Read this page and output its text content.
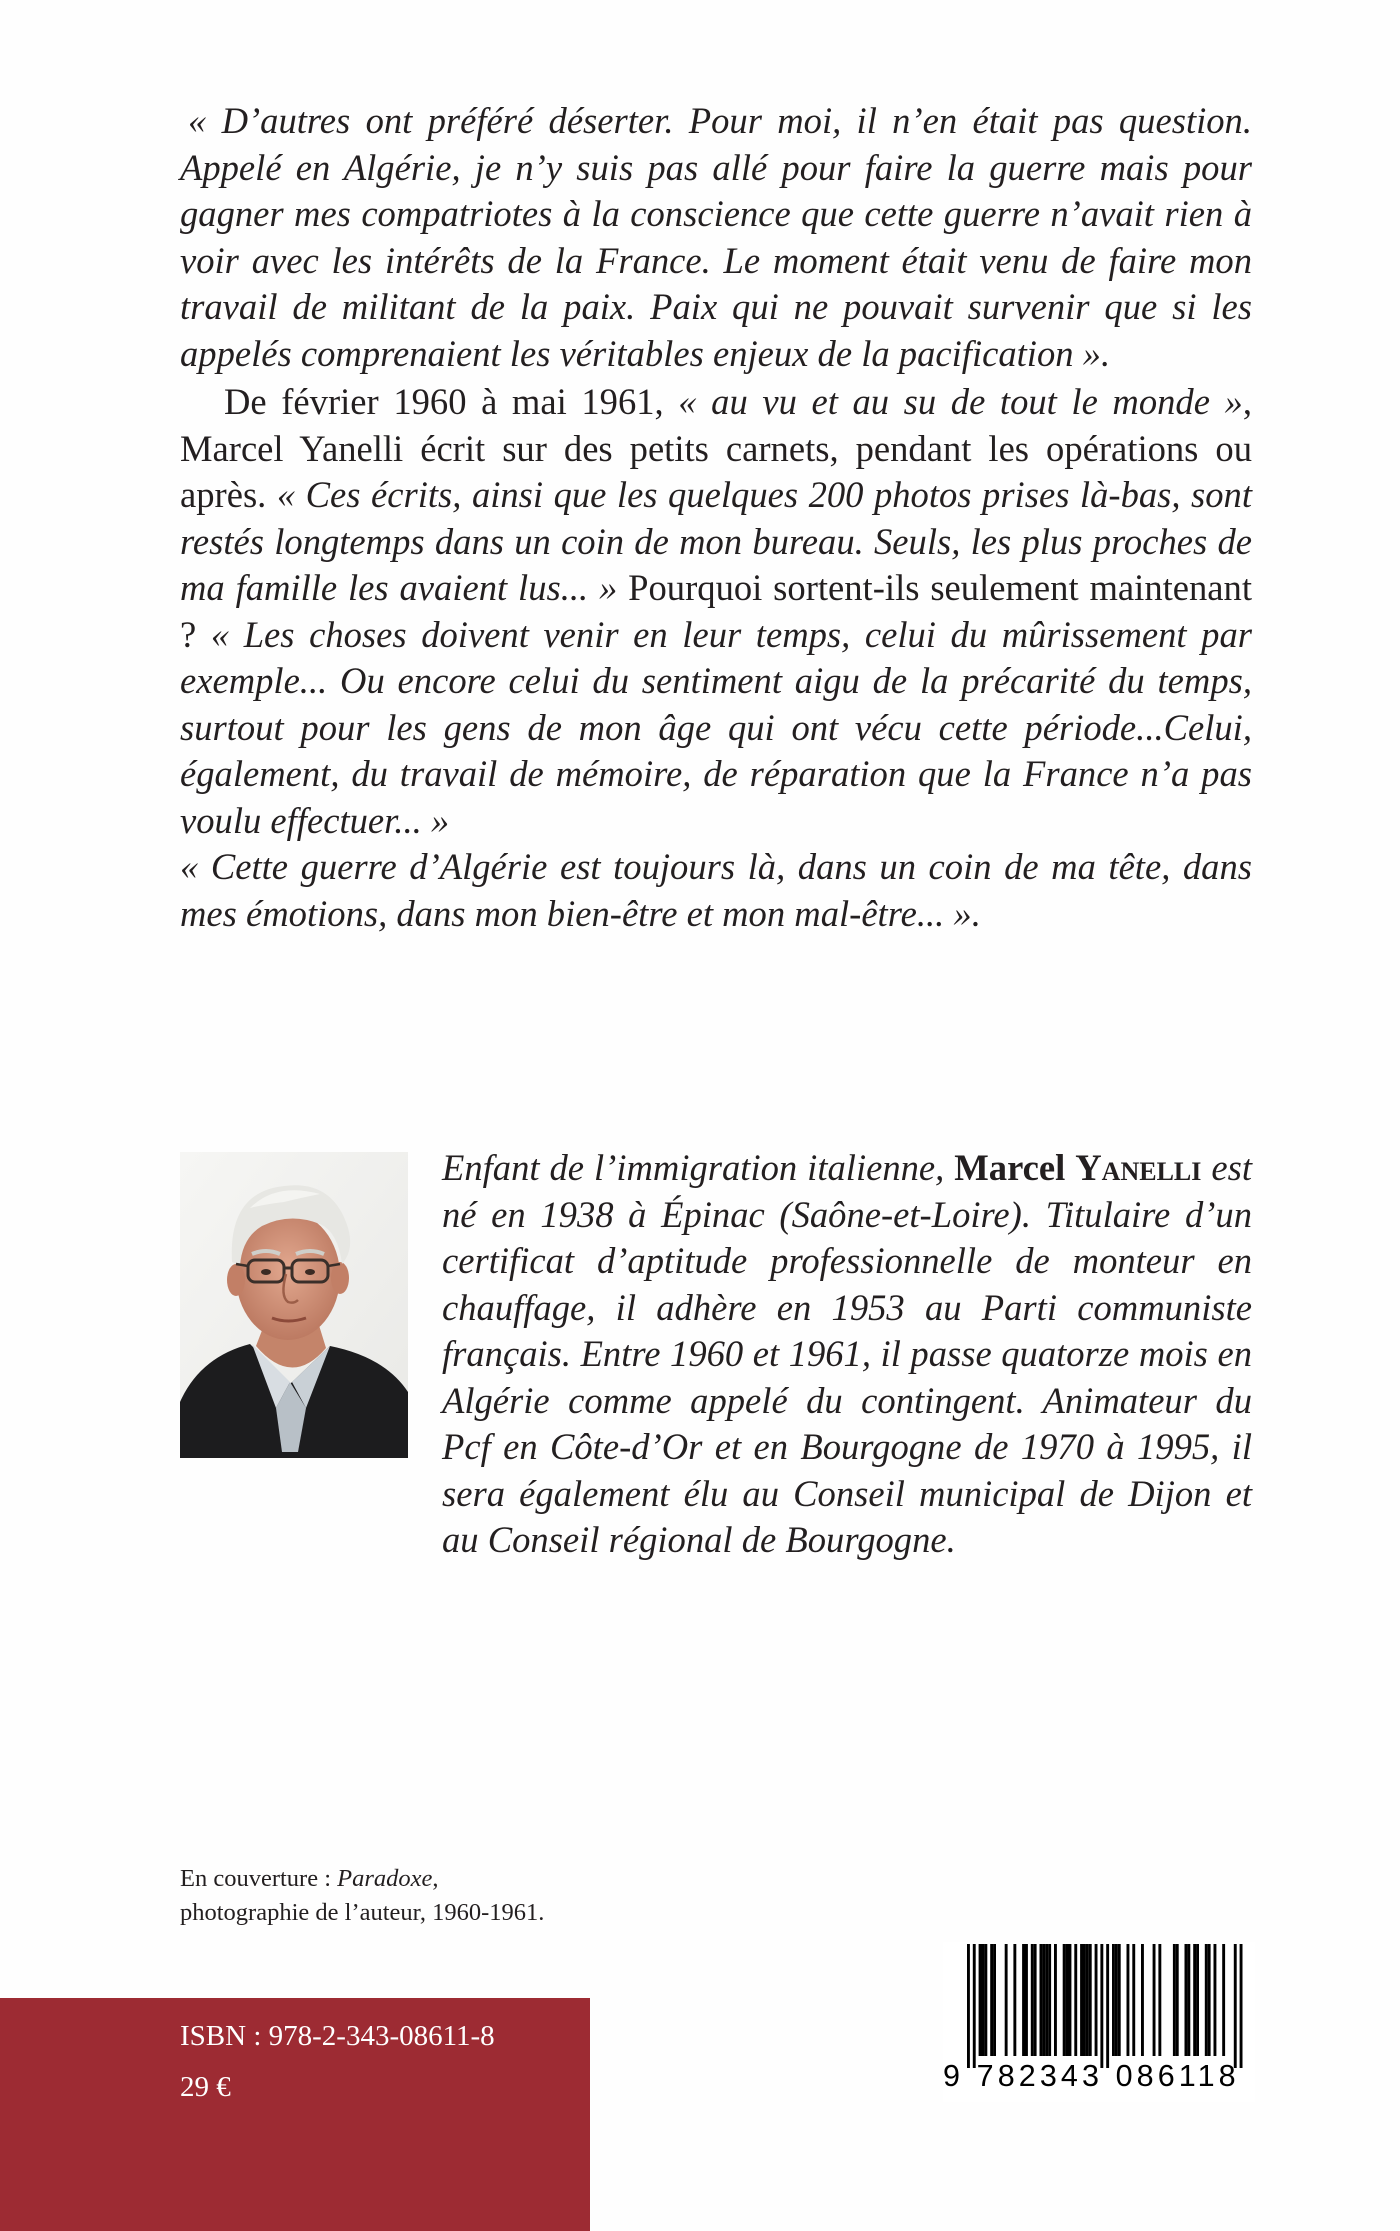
« D’autres ont préféré déserter. Pour moi, il n’en était pas question. Appelé en Algérie, je n’y suis pas allé pour faire la guerre mais pour gagner mes compatriotes à la conscience que cette guerre n’avait rien à voir avec les intérêts de la France. Le moment était venu de faire mon travail de militant de la paix. Paix qui ne pouvait survenir que si les appelés comprenaient les véritables enjeux de la pacification ».

De février 1960 à mai 1961, « au vu et au su de tout le monde », Marcel Yanelli écrit sur des petits carnets, pendant les opérations ou après. « Ces écrits, ainsi que les quelques 200 photos prises là-bas, sont restés longtemps dans un coin de mon bureau. Seuls, les plus proches de ma famille les avaient lus... » Pourquoi sortent-ils seulement maintenant ? « Les choses doivent venir en leur temps, celui du mûrissement par exemple... Ou encore celui du sentiment aigu de la précarité du temps, surtout pour les gens de mon âge qui ont vécu cette période...Celui, également, du travail de mémoire, de réparation que la France n’a pas voulu effectuer... »

« Cette guerre d’Algérie est toujours là, dans un coin de ma tête, dans mes émotions, dans mon bien-être et mon mal-être... ».

Enfant de l’immigration italienne, Marcel Yanelli est né en 1938 à Épinac (Saône-et-Loire). Titulaire d’un certificat d’aptitude professionnelle de monteur en chauffage, il adhère en 1953 au Parti communiste français. Entre 1960 et 1961, il passe quatorze mois en Algérie comme appelé du contingent. Animateur du Pcf en Côte-d’Or et en Bourgogne de 1970 à 1995, il sera également élu au Conseil municipal de Dijon et au Conseil régional de Bourgogne.

En couverture : Paradoxe,

photographie de l’auteur, 1960-1961.

ISBN : 978-2-343-08611-8
29 €	9 782343 086118
